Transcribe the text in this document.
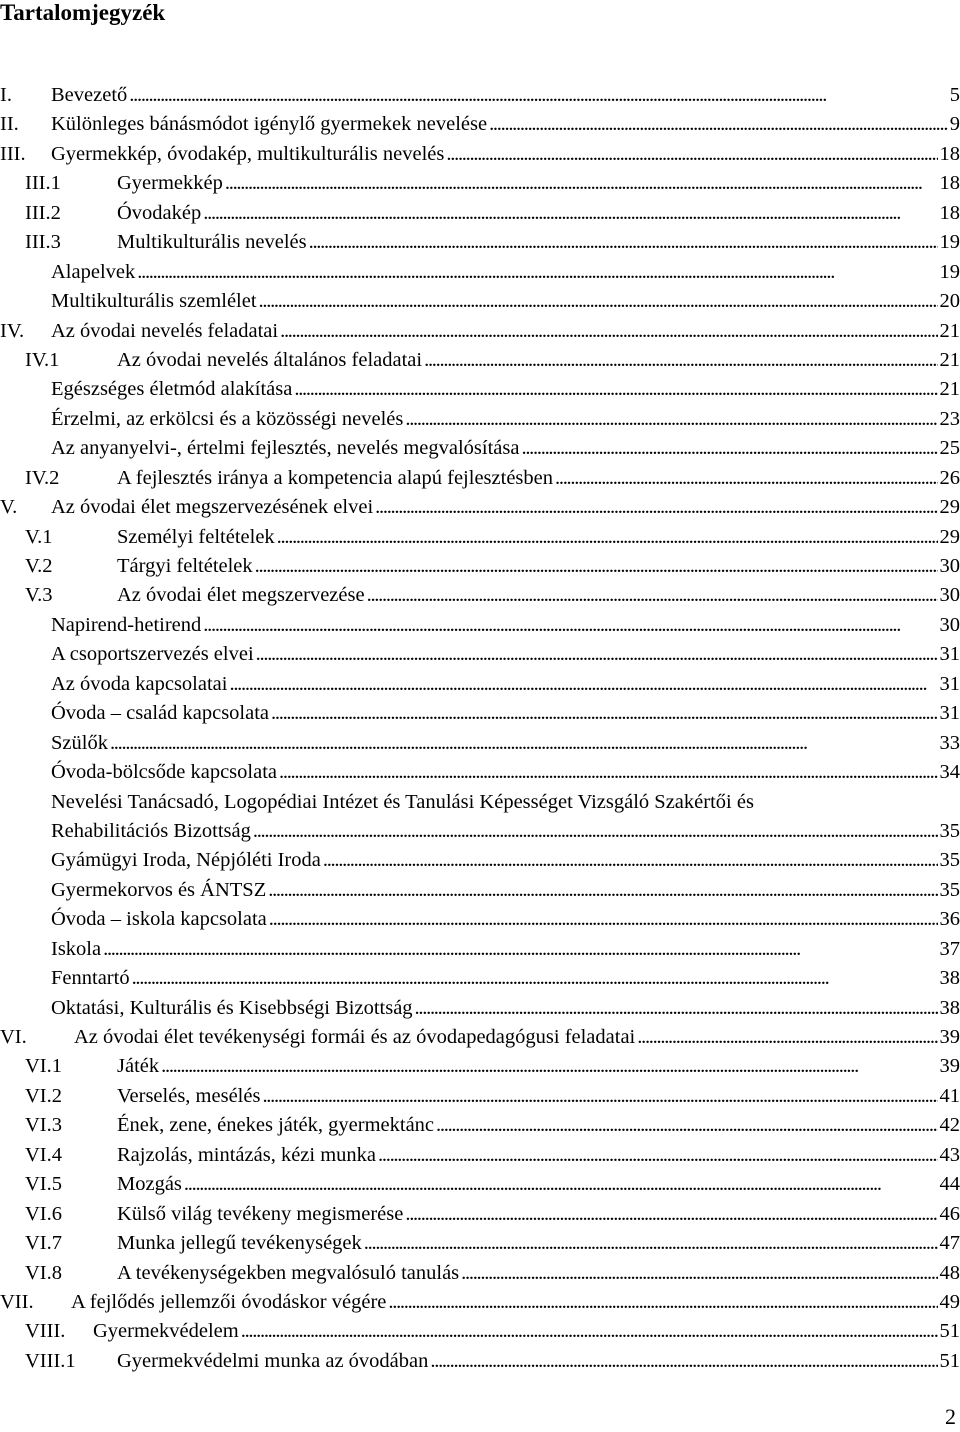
Tartalomjegyzék
I. Bevezető . . .	5
II. Különleges bánásmódot igénylő gyermekek nevelése . . .	9
III. Gyermekkép, óvodakép, multikulturális nevelés . . .	18
III.1	Gyermekkép . . .	18
III.2	Óvodakép . . .	18
III.3	Multikulturális nevelés . . .	19
Alapelvek . . .	19
Multikulturális szemlélet . . .	20
IV. Az óvodai nevelés feladatai . . .	21
IV.1	Az óvodai nevelés általános feladatai . . .	21
Egészséges életmód alakítása . . .	21
Érzelmi, az erkölcsi és a közösségi nevelés . . .	23
Az anyanyelvi-, értelmi fejlesztés, nevelés megvalósítása . . .	25
IV.2	A fejlesztés iránya a kompetencia alapú fejlesztésben . . .	26
V. Az óvodai élet megszervezésének elvei . . .	29
V.1	Személyi feltételek . . .	29
V.2	Tárgyi feltételek . . .	30
V.3	Az óvodai élet megszervezése . . .	30
Napirend-hetirend . . .	30
A csoportszervezés elvei . . .	31
Az óvoda kapcsolatai . . .	31
Óvoda – család kapcsolata . . .	31
Szülők . . .	33
Óvoda-bölcsőde kapcsolata . . .	34
Nevelési Tanácsadó, Logopédiai Intézet és Tanulási Képességet Vizsgáló Szakértői és
Rehabilitációs Bizottság . . .	35
Gyámügyi Iroda, Népjóléti Iroda . . .	35
Gyermekorvos és ÁNTSZ . . .	35
Óvoda – iskola kapcsolata . . .	36
Iskola . . .	37
Fenntartó . . .	38
Oktatási, Kulturális és Kisebbségi Bizottság . . .	38
VI. Az óvodai élet tevékenységi formái és az óvodapedagógusi feladatai . . .	39
VI.1	Játék . . .	39
VI.2	Verselés, mesélés . . .	41
VI.3	Ének, zene, énekes játék, gyermektánc . . .	42
VI.4	Rajzolás, mintázás, kézi munka . . .	43
VI.5	Mozgás . . .	44
VI.6	Külső világ tevékeny megismerése . . .	46
VI.7	Munka jellegű tevékenységek . . .	47
VI.8	A tevékenységekben megvalósuló tanulás . . .	48
VII. A fejlődés jellemzői óvodáskor végére . . .	49
VIII. Gyermekvédelem . . .	51
VIII.1 Gyermekvédelmi munka az óvodában . . .	51
2
